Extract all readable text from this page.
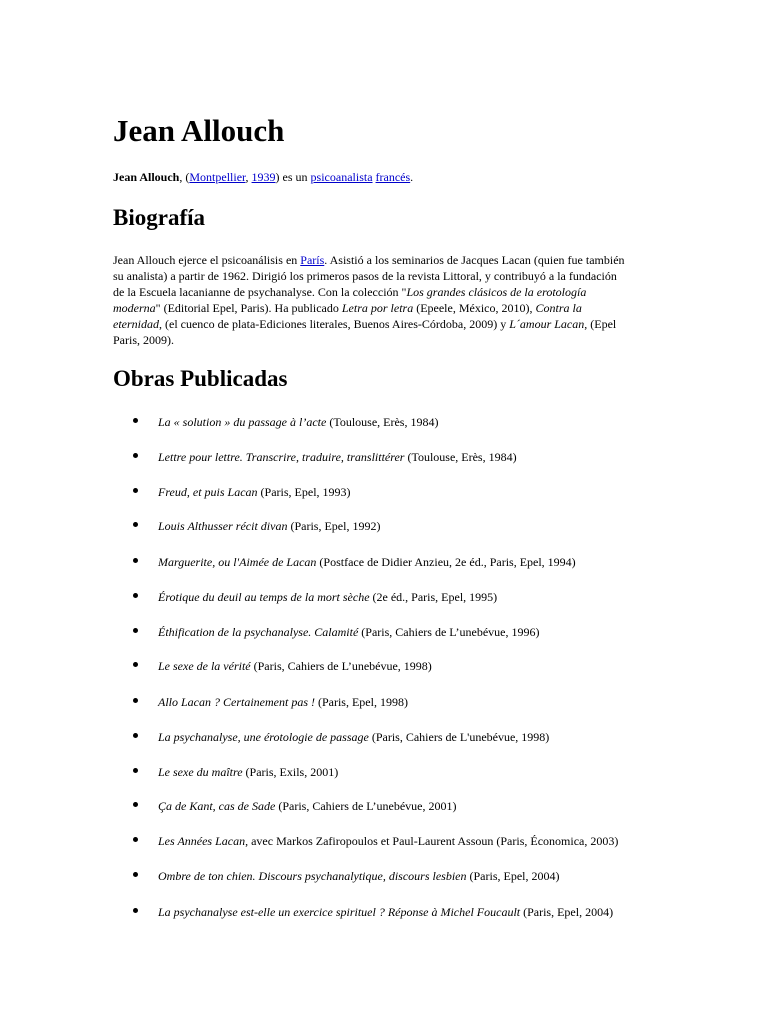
Jean Allouch

Jean Allouch, (Montpellier, 1939) es un psicoanalista francés.

Biografía

Jean Allouch ejerce el psicoanálisis en París. Asistió a los seminarios de Jacques Lacan (quien fue también
su analista) a partir de 1962. Dirigió los primeros pasos de la revista Littoral, y contribuyó a la fundación
de la Escuela lacanianne de psychanalyse. Con la colección "Los grandes clásicos de la erotología
moderna" (Editorial Epel, Paris). Ha publicado Letra por letra (Epeele, México, 2010), Contra la
eternidad, (el cuenco de plata-Ediciones literales, Buenos Aires-Córdoba, 2009) y L´amour Lacan, (Epel
Paris, 2009).

Obras Publicadas
La « solution » du passage à l’acte (Toulouse, Erès, 1984)
Lettre pour lettre. Transcrire, traduire, translittérer (Toulouse, Erès, 1984)
Freud, et puis Lacan (Paris, Epel, 1993)
Louis Althusser récit divan (Paris, Epel, 1992)
Marguerite, ou l'Aimée de Lacan (Postface de Didier Anzieu, 2e éd., Paris, Epel, 1994)
Érotique du deuil au temps de la mort sèche (2e éd., Paris, Epel, 1995)
Éthification de la psychanalyse. Calamité (Paris, Cahiers de L’unebévue, 1996)
Le sexe de la vérité (Paris, Cahiers de L’unebévue, 1998)
Allo Lacan ? Certainement pas ! (Paris, Epel, 1998)
La psychanalyse, une érotologie de passage (Paris, Cahiers de L'unebévue, 1998)
Le sexe du maître (Paris, Exils, 2001)
Ça de Kant, cas de Sade (Paris, Cahiers de L’unebévue, 2001)
Les Années Lacan, avec Markos Zafiropoulos et Paul-Laurent Assoun (Paris, Économica, 2003)
Ombre de ton chien. Discours psychanalytique, discours lesbien (Paris, Epel, 2004)
La psychanalyse est-elle un exercice spirituel ? Réponse à Michel Foucault (Paris, Epel, 2004)
